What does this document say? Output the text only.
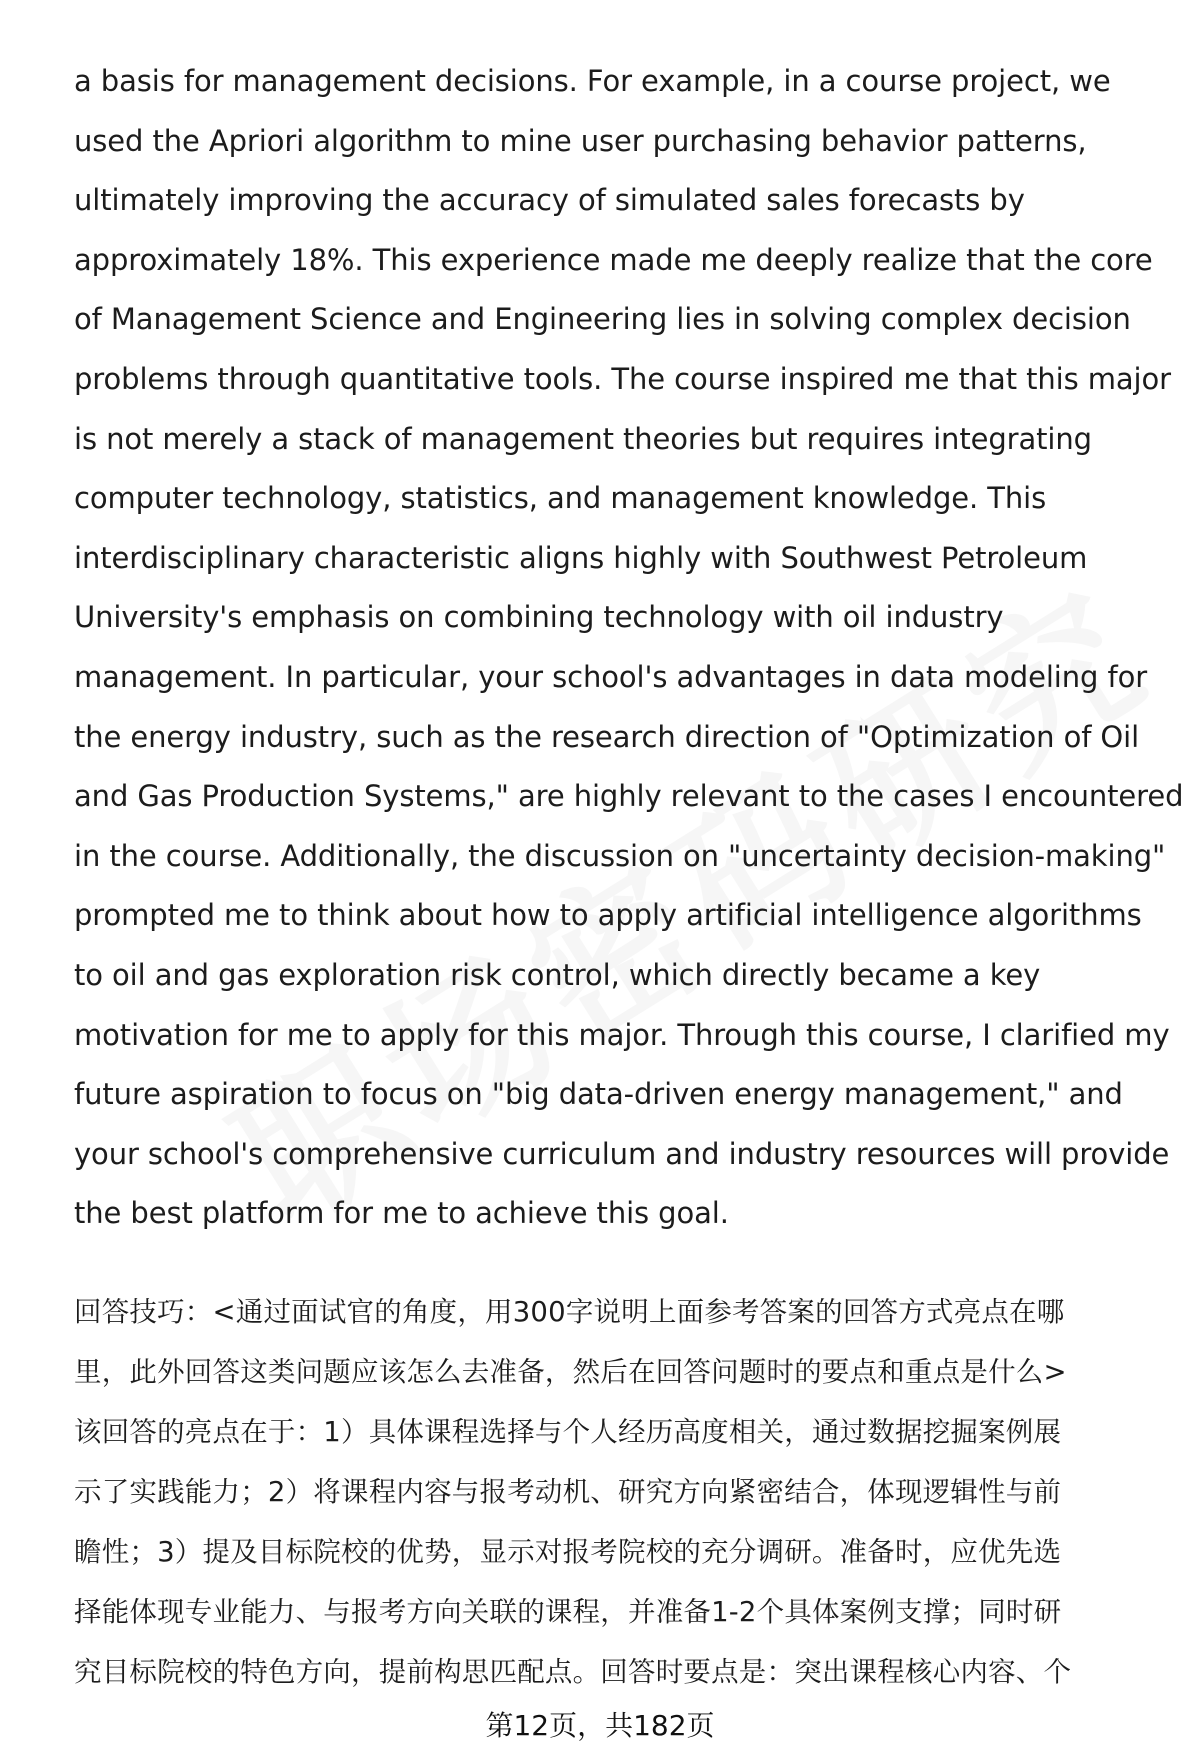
a basis for management decisions. For example, in a course project, we
used the Apriori algorithm to mine user purchasing behavior patterns,
ultimately improving the accuracy of simulated sales forecasts by
approximately 18%. This experience made me deeply realize that the core
of Management Science and Engineering lies in solving complex decision
problems through quantitative tools. The course inspired me that this major
is not merely a stack of management theories but requires integrating
computer technology, statistics, and management knowledge. This
interdisciplinary characteristic aligns highly with Southwest Petroleum
University's emphasis on combining technology with oil industry
management. In particular, your school's advantages in data modeling for
the energy industry, such as the research direction of "Optimization of Oil
and Gas Production Systems," are highly relevant to the cases I encountered
in the course. Additionally, the discussion on "uncertainty decision-making"
prompted me to think about how to apply artificial intelligence algorithms
to oil and gas exploration risk control, which directly became a key
motivation for me to apply for this major. Through this course, I clarified my
future aspiration to focus on "big data-driven energy management," and
your school's comprehensive curriculum and industry resources will provide
the best platform for me to achieve this goal.

回答技巧：<通过面试官的角度，用300字说明上面参考答案的回答方式亮点在哪
里，此外回答这类问题应该怎么去准备，然后在回答问题时的要点和重点是什么>
该回答的亮点在于：1）具体课程选择与个人经历高度相关，通过数据挖掘案例展
示了实践能力；2）将课程内容与报考动机、研究方向紧密结合，体现逻辑性与前
瞻性；3）提及目标院校的优势，显示对报考院校的充分调研。准备时，应优先选
择能体现专业能力、与报考方向关联的课程，并准备1-2个具体案例支撑；同时研
究目标院校的特色方向，提前构思匹配点。回答时要点是：突出课程核心内容、个
第12页，共182页
